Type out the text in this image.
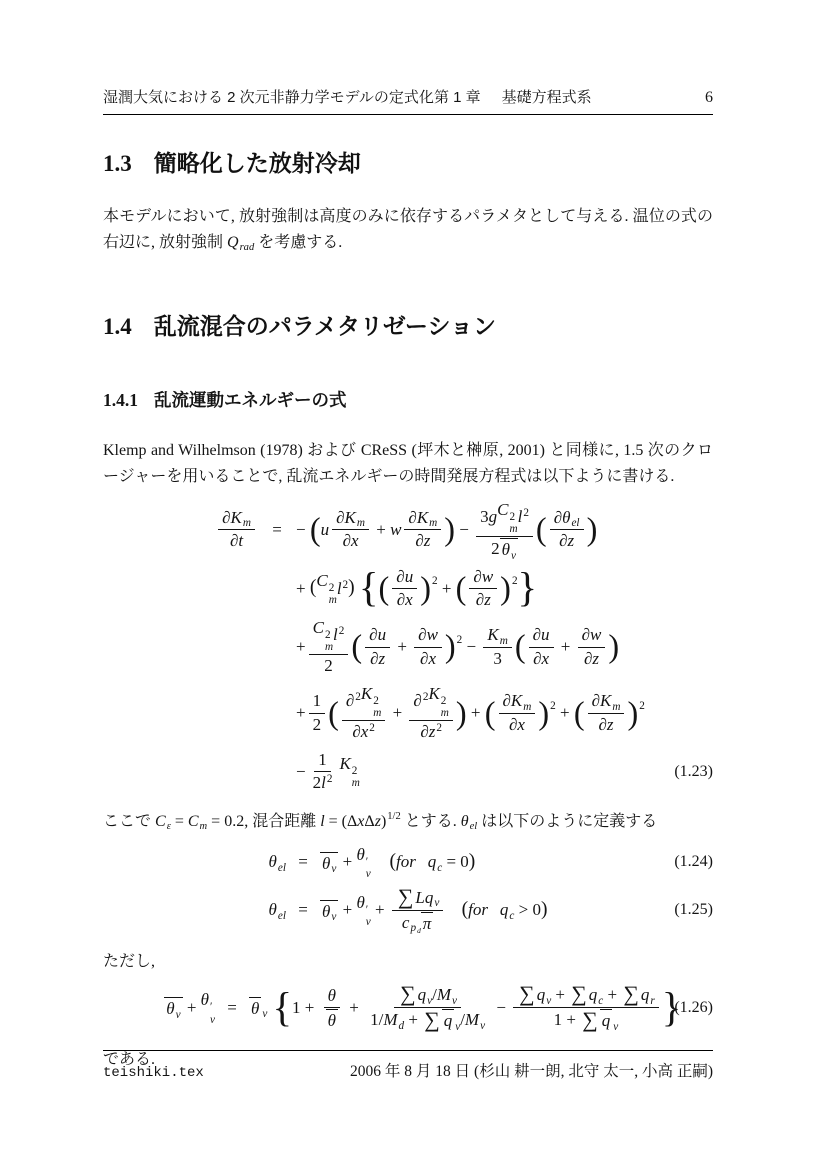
湿潤大気における 2 次元非静力学モデルの定式化第 1 章 基礎方程式系	6
1.3 簡略化した放射冷却

本モデルにおいて, 放射強制は高度のみに依存するパラメタとして与える. 温位の式の右辺に, 放射強制 Qrad を考慮する.

1.4 乱流混合のパラメタリゼーション
1.4.1 乱流運動エネルギーの式

Klemp and Wilhelmson (1978) および CReSS (坪木と榊原, 2001) と同様に, 1.5 次のクロージャーを用いることで, 乱流エネルギーの時間発展方程式は以下ように書ける.

∂ Km
∂ t
= − ( u
∂ Km
∂ x
+ w
∂ Km
∂ z ) − 3 g C 2
m
$l^2$
2 θv ( ∂ θel
∂ z )
+ ( C 2
m
$l^2$ ) { ( ∂ u
∂ x ) 2 + ( ∂ w
∂ z ) 2 }
+ C 2
m
$l^2$
2 ( ∂ u
∂ z
+ $\frac{\partial w}{\partial x}$ ) $2 - \frac{Km}{3}$ ( ∂ u
∂ x
+ $\frac{\partial w}{\partial z}$ )
+ $\frac{1}{2}$ ( ∂$^2$ K 2
m
∂ $x^2$
+ ∂$^2$ K 2
m
∂ $z^2$ ) + ( ∂ Km
∂ x ) 2 + ( ∂ Km
∂ z ) 2
− $\frac{1}{2 l^2}$ K 2
m
(1.23)

ここで Cε = Cm = 0.2, 混合距離 $l = (\Delta x\Delta z)^{1/2}$ とする. θel は以下のように定義する

θel = θv + θ ′
v
( for qc = 0 )	(1.24)
θel = θv + θ ′
v
+
∑ L qv
cpd π
( for qc > 0 )	(1.25)

ただし,

θv + θ ′
v
= θv { $1 + \frac{\theta}{\theta} + \frac{\sum qv / Mv}{\text{1/ Md + ∑ q v / Mv}} - \frac{\sum qv + \sum qc + \sum qr}{\text{1 + ∑ q v}}$ }
(1.26)

である.

teishiki.tex	2006 年 8 月 18 日 (杉山 耕一朗, 北守 太一, 小高 正嗣)
